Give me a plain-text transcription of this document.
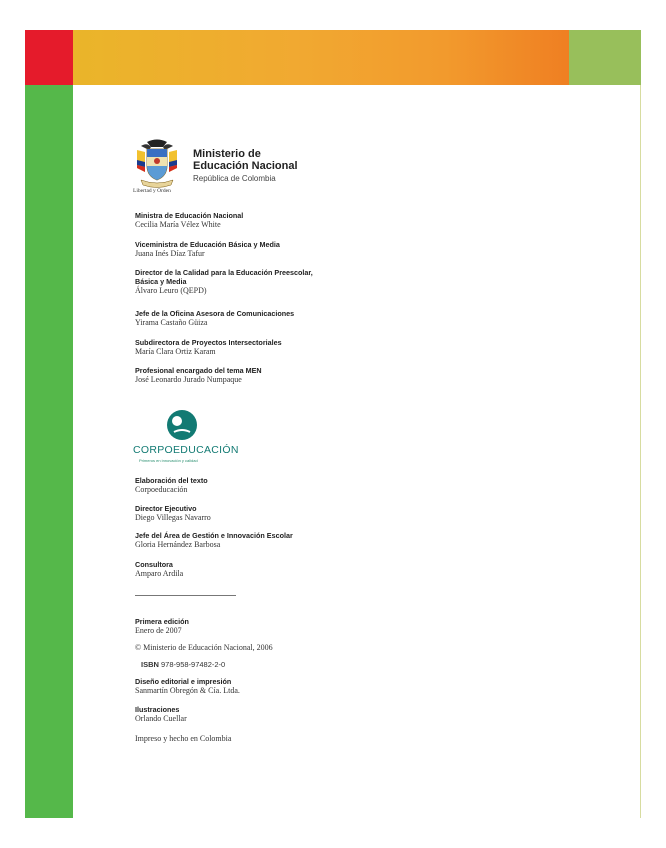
Ministerio de
Educación Nacional
República de Colombia
Libertad y Orden
Ministra de Educación Nacional
Cecilia María Vélez White
Viceministra de Educación Básica y Media
Juana Inés Díaz Tafur
Director de la Calidad para la Educación Preescolar,
Básica y Media
Álvaro Leuro (QEPD)
Jefe de la Oficina Asesora de Comunicaciones
Yirama Castaño Güiza
Subdirectora de Proyectos Intersectoriales
María Clara Ortiz Karam
Profesional encargado del tema MEN
José Leonardo Jurado Numpaque
CORPOEDUCACIÓN
Primeros en innovación y calidad
Elaboración del texto
Corpoeducación
Director Ejecutivo
Diego Villegas Navarro
Jefe del Área de Gestión e Innovación Escolar
Gloria Hernández Barbosa
Consultora
Amparo Ardila
Primera edición
Enero de 2007
© Ministerio de Educación Nacional, 2006
ISBN 978-958-97482-2-0
Diseño editorial e impresión
Sanmartín Obregón & Cía. Ltda.
Ilustraciones
Orlando Cuellar
Impreso y hecho en Colombia
